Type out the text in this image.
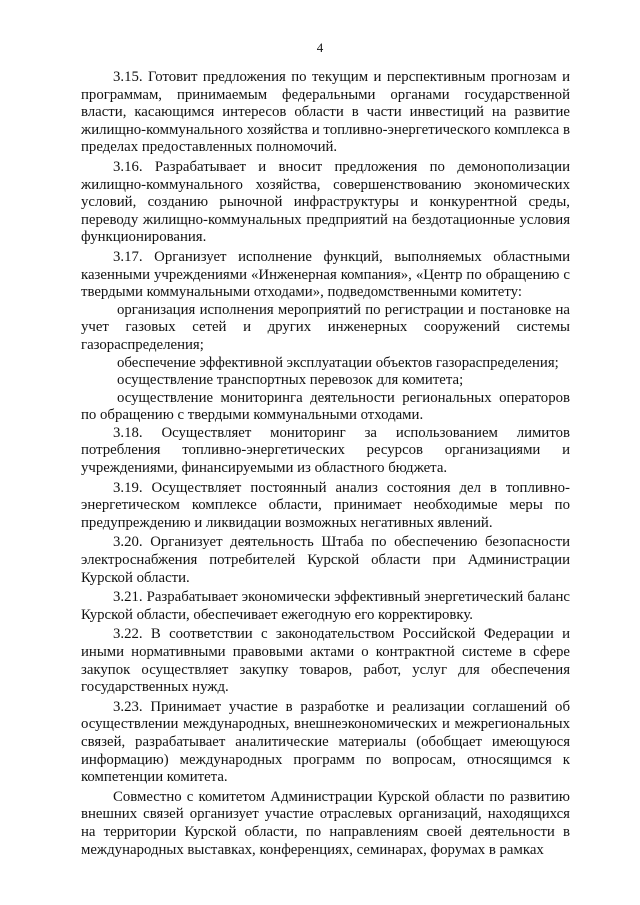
4

3.15. Готовит предложения по текущим и перспективным прогнозам и программам, принимаемым федеральными органами государственной власти, касающимся интересов области в части инвестиций на развитие жилищно-коммунального хозяйства и топливно-энергетического комплекса в пределах предоставленных полномочий.

3.16. Разрабатывает и вносит предложения по демонополизации жилищно-коммунального хозяйства, совершенствованию экономических условий, созданию рыночной инфраструктуры и конкурентной среды, переводу жилищно-коммунальных предприятий на бездотационные условия функционирования.

3.17. Организует исполнение функций, выполняемых областными казенными учреждениями «Инженерная компания», «Центр по обращению с твердыми коммунальными отходами», подведомственными комитету:

организация исполнения мероприятий по регистрации и постановке на учет газовых сетей и других инженерных сооружений системы газораспределения;

обеспечение эффективной эксплуатации объектов газораспределения;

осуществление транспортных перевозок для комитета;

осуществление мониторинга деятельности региональных операторов по обращению с твердыми коммунальными отходами.

3.18. Осуществляет мониторинг за использованием лимитов потребления топливно-энергетических ресурсов организациями и учреждениями, финансируемыми из областного бюджета.

3.19. Осуществляет постоянный анализ состояния дел в топливно-энергетическом комплексе области, принимает необходимые меры по предупреждению и ликвидации возможных негативных явлений.

3.20. Организует деятельность Штаба по обеспечению безопасности электроснабжения потребителей Курской области при Администрации Курской области.

3.21. Разрабатывает экономически эффективный энергетический баланс Курской области, обеспечивает ежегодную его корректировку.

3.22. В соответствии с законодательством Российской Федерации и иными нормативными правовыми актами о контрактной системе в сфере закупок осуществляет закупку товаров, работ, услуг для обеспечения государственных нужд.

3.23. Принимает участие в разработке и реализации соглашений об осуществлении международных, внешнеэкономических и межрегиональных связей, разрабатывает аналитические материалы (обобщает имеющуюся информацию) международных программ по вопросам, относящимся к компетенции комитета.

Совместно с комитетом Администрации Курской области по развитию внешних связей организует участие отраслевых организаций, находящихся на территории Курской области, по направлениям своей деятельности в международных выставках, конференциях, семинарах, форумах в рамках
